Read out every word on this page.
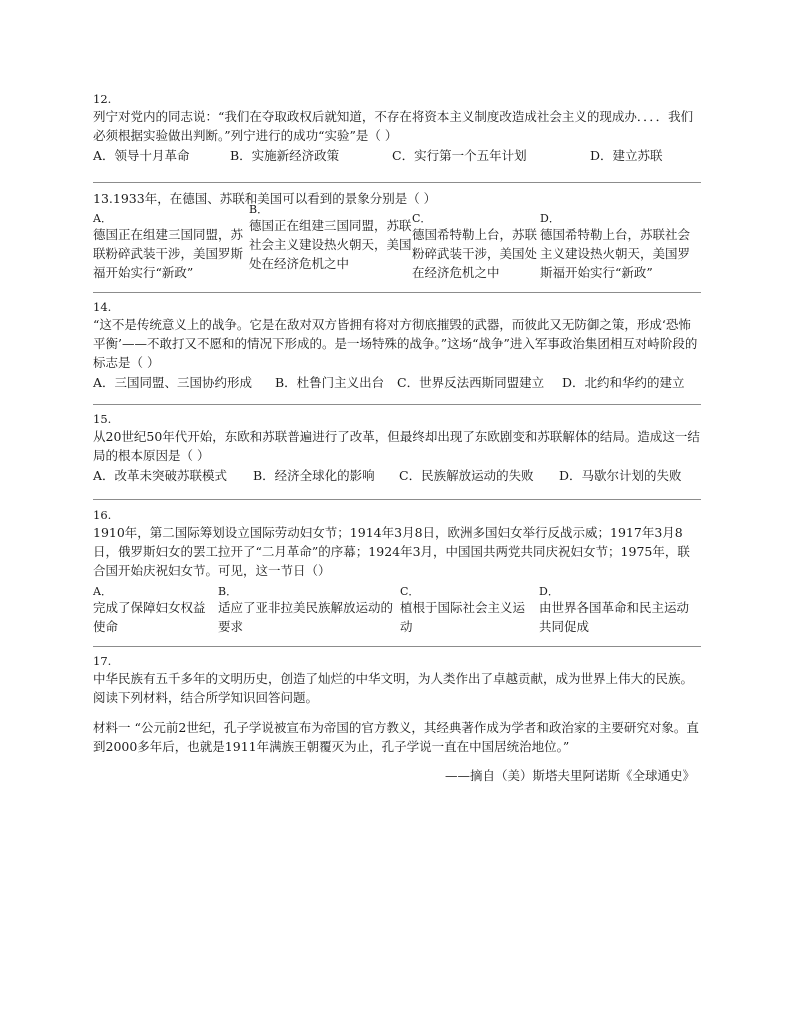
12.
列宁对党内的同志说：“我们在夺取政权后就知道，不存在将资本主义制度改造成社会主义的现成办．．．．我们必须根据实验做出判断。”列宁进行的成功“实验”是（ ）
A．领导十月革命	B．实施新经济政策	C．实行第一个五年计划	D．建立苏联
13. 1933年，在德国、苏联和美国可以看到的景象分别是（ ）
A．
德国正在组建三国同盟，苏联粉碎武装干涉，美国罗斯福开始实行“新政”
B．
德国正在组建三国同盟，苏联社会主义建设热火朝天，美国处在经济危机之中
C．
德国希特勒上台，苏联粉碎武装干涉，美国处在经济危机之中
D．
德国希特勒上台，苏联社会主义建设热火朝天，美国罗斯福开始实行“新政”
14.
“这不是传统意义上的战争。它是在敌对双方皆拥有将对方彻底摧毁的武器，而彼此又无防御之策，形成‘恐怖平衡’——不敢打又不愿和的情况下形成的。是一场特殊的战争。”这场“战争”进入军事政治集团相互对峙阶段的标志是（ ）
A．三国同盟、三国协约形成	B．杜鲁门主义出台	C．世界反法西斯同盟建立	D．北约和华约的建立
15.
从20世纪50年代开始，东欧和苏联普遍进行了改革，但最终却出现了东欧剧变和苏联解体的结局。造成这一结局的根本原因是（ ）
A．改革未突破苏联模式	B．经济全球化的影响	C．民族解放运动的失败	D．马歇尔计划的失败
16.
1910年，第二国际筹划设立国际劳动妇女节；1914年3月8日，欧洲多国妇女举行反战示威；1917年3月8日，俄罗斯妇女的罢工拉开了“二月革命”的序幕；1924年3月，中国国共两党共同庆祝妇女节；1975年，联合国开始庆祝妇女节。可见，这一节日（）
A．
完成了保障妇女权益使命
B．
适应了亚非拉美民族解放运动的要求
C．
植根于国际社会主义运动
D．
由世界各国革命和民主运动共同促成
17.
中华民族有五千多年的文明历史，创造了灿烂的中华文明，为人类作出了卓越贡献，成为世界上伟大的民族。阅读下列材料，结合所学知识回答问题。
材料一 “公元前2世纪，孔子学说被宣布为帝国的官方教义，其经典著作成为学者和政治家的主要研究对象。直到2000多年后，也就是1911年满族王朝覆灭为止，孔子学说一直在中国居统治地位。”
——摘自（美）斯塔夫里阿诺斯《全球通史》
